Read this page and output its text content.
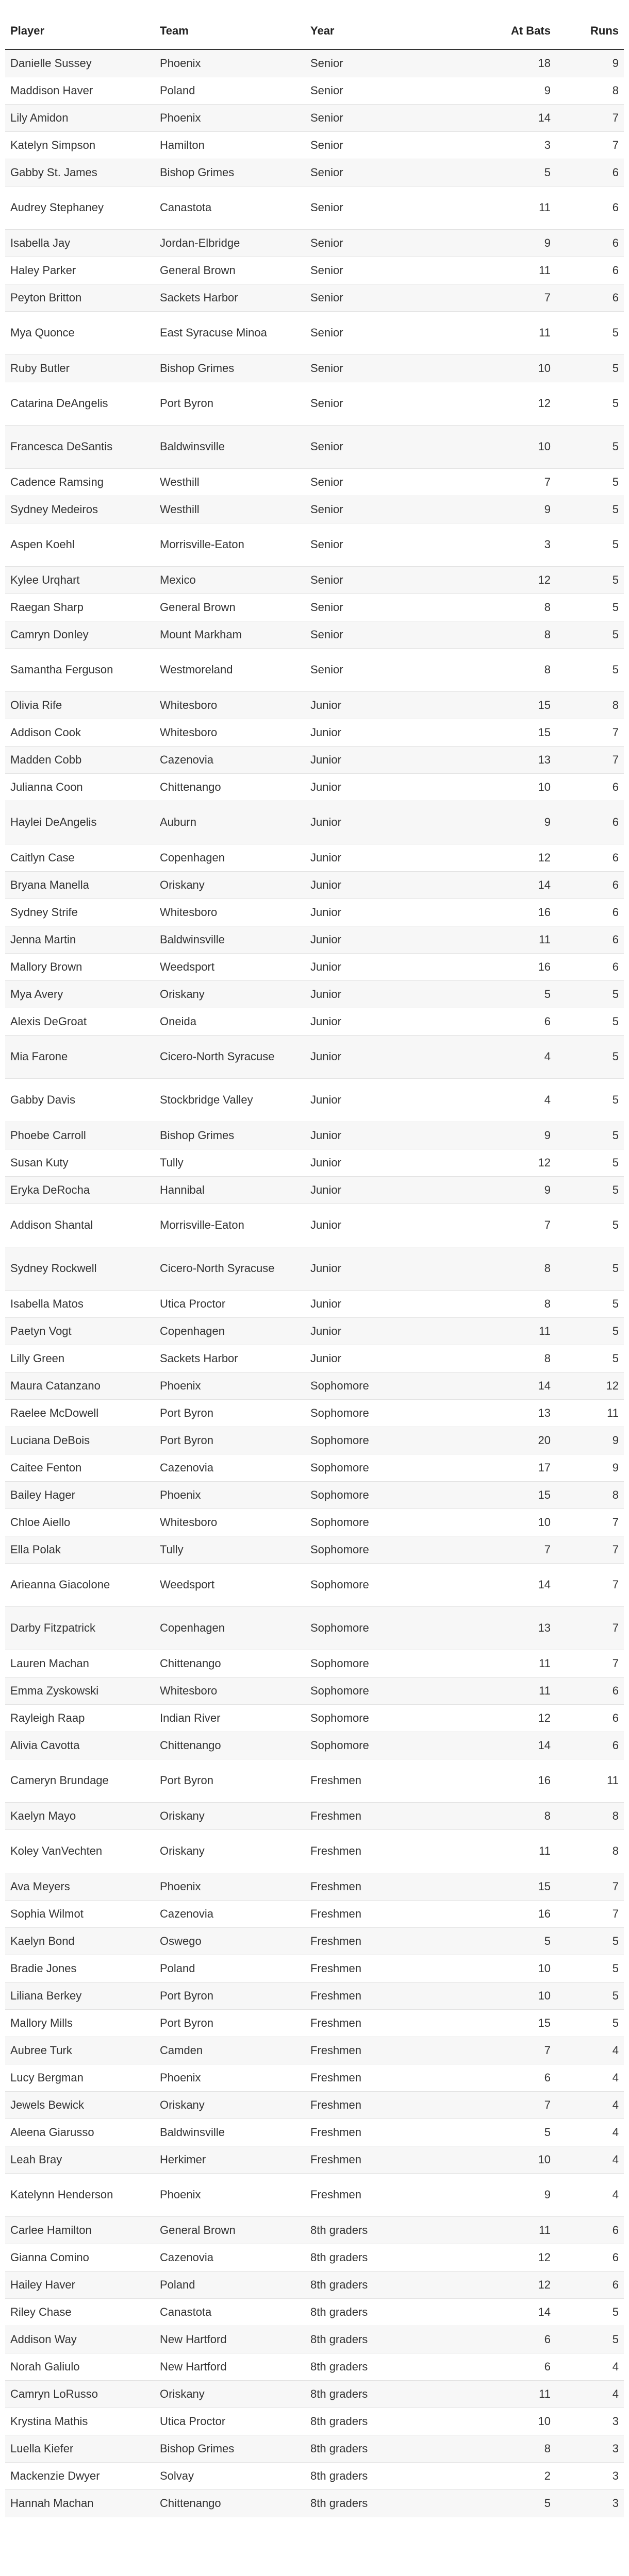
Player	Team	Year	At Bats	Runs
Danielle Sussey	Phoenix	Senior	18	9
Maddison Haver	Poland	Senior	9	8
Lily Amidon	Phoenix	Senior	14	7
Katelyn Simpson	Hamilton	Senior	3	7
Gabby St. James	Bishop Grimes	Senior	5	6
Audrey Stephaney	Canastota	Senior	11	6
Isabella Jay	Jordan-Elbridge	Senior	9	6
Haley Parker	General Brown	Senior	11	6
Peyton Britton	Sackets Harbor	Senior	7	6
Mya Quonce	East Syracuse Minoa	Senior	11	5
Ruby Butler	Bishop Grimes	Senior	10	5
Catarina DeAngelis	Port Byron	Senior	12	5
Francesca DeSantis	Baldwinsville	Senior	10	5
Cadence Ramsing	Westhill	Senior	7	5
Sydney Medeiros	Westhill	Senior	9	5
Aspen Koehl	Morrisville-Eaton	Senior	3	5
Kylee Urqhart	Mexico	Senior	12	5
Raegan Sharp	General Brown	Senior	8	5
Camryn Donley	Mount Markham	Senior	8	5
Samantha Ferguson	Westmoreland	Senior	8	5
Olivia Rife	Whitesboro	Junior	15	8
Addison Cook	Whitesboro	Junior	15	7
Madden Cobb	Cazenovia	Junior	13	7
Julianna Coon	Chittenango	Junior	10	6
Haylei DeAngelis	Auburn	Junior	9	6
Caitlyn Case	Copenhagen	Junior	12	6
Bryana Manella	Oriskany	Junior	14	6
Sydney Strife	Whitesboro	Junior	16	6
Jenna Martin	Baldwinsville	Junior	11	6
Mallory Brown	Weedsport	Junior	16	6
Mya Avery	Oriskany	Junior	5	5
Alexis DeGroat	Oneida	Junior	6	5
Mia Farone	Cicero-North Syracuse	Junior	4	5
Gabby Davis	Stockbridge Valley	Junior	4	5
Phoebe Carroll	Bishop Grimes	Junior	9	5
Susan Kuty	Tully	Junior	12	5
Eryka DeRocha	Hannibal	Junior	9	5
Addison Shantal	Morrisville-Eaton	Junior	7	5
Sydney Rockwell	Cicero-North Syracuse	Junior	8	5
Isabella Matos	Utica Proctor	Junior	8	5
Paetyn Vogt	Copenhagen	Junior	11	5
Lilly Green	Sackets Harbor	Junior	8	5
Maura Catanzano	Phoenix	Sophomore	14	12
Raelee McDowell	Port Byron	Sophomore	13	11
Luciana DeBois	Port Byron	Sophomore	20	9
Caitee Fenton	Cazenovia	Sophomore	17	9
Bailey Hager	Phoenix	Sophomore	15	8
Chloe Aiello	Whitesboro	Sophomore	10	7
Ella Polak	Tully	Sophomore	7	7
Arieanna Giacolone	Weedsport	Sophomore	14	7
Darby Fitzpatrick	Copenhagen	Sophomore	13	7
Lauren Machan	Chittenango	Sophomore	11	7
Emma Zyskowski	Whitesboro	Sophomore	11	6
Rayleigh Raap	Indian River	Sophomore	12	6
Alivia Cavotta	Chittenango	Sophomore	14	6
Cameryn Brundage	Port Byron	Freshmen	16	11
Kaelyn Mayo	Oriskany	Freshmen	8	8
Koley VanVechten	Oriskany	Freshmen	11	8
Ava Meyers	Phoenix	Freshmen	15	7
Sophia Wilmot	Cazenovia	Freshmen	16	7
Kaelyn Bond	Oswego	Freshmen	5	5
Bradie Jones	Poland	Freshmen	10	5
Liliana Berkey	Port Byron	Freshmen	10	5
Mallory Mills	Port Byron	Freshmen	15	5
Aubree Turk	Camden	Freshmen	7	4
Lucy Bergman	Phoenix	Freshmen	6	4
Jewels Bewick	Oriskany	Freshmen	7	4
Aleena Giarusso	Baldwinsville	Freshmen	5	4
Leah Bray	Herkimer	Freshmen	10	4
Katelynn Henderson	Phoenix	Freshmen	9	4
Carlee Hamilton	General Brown	8th graders	11	6
Gianna Comino	Cazenovia	8th graders	12	6
Hailey Haver	Poland	8th graders	12	6
Riley Chase	Canastota	8th graders	14	5
Addison Way	New Hartford	8th graders	6	5
Norah Galiulo	New Hartford	8th graders	6	4
Camryn LoRusso	Oriskany	8th graders	11	4
Krystina Mathis	Utica Proctor	8th graders	10	3
Luella Kiefer	Bishop Grimes	8th graders	8	3
Mackenzie Dwyer	Solvay	8th graders	2	3
Hannah Machan	Chittenango	8th graders	5	3
